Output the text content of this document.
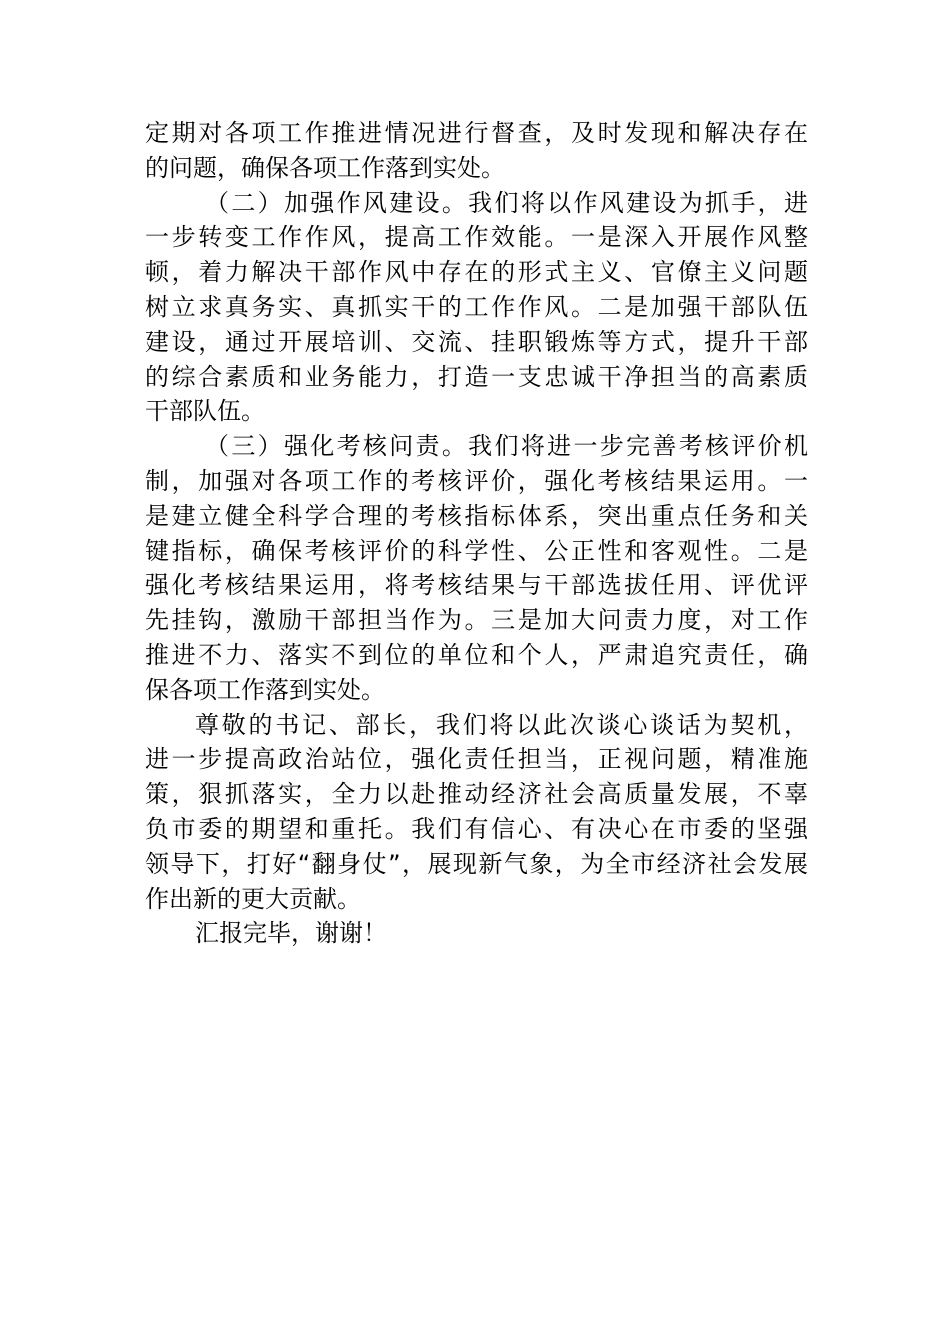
定期对各项工作推进情况进行督查，及时发现和解决存在
的问题，确保各项工作落到实处。
（二）加强作风建设。我们将以作风建设为抓手，进
一步转变工作作风，提高工作效能。一是深入开展作风整
顿，着力解决干部作风中存在的形式主义、官僚主义问题
树立求真务实、真抓实干的工作作风。二是加强干部队伍
建设，通过开展培训、交流、挂职锻炼等方式，提升干部
的综合素质和业务能力，打造一支忠诚干净担当的高素质
干部队伍。
（三）强化考核问责。我们将进一步完善考核评价机
制，加强对各项工作的考核评价，强化考核结果运用。一
是建立健全科学合理的考核指标体系，突出重点任务和关
键指标，确保考核评价的科学性、公正性和客观性。二是
强化考核结果运用，将考核结果与干部选拔任用、评优评
先挂钩，激励干部担当作为。三是加大问责力度，对工作
推进不力、落实不到位的单位和个人，严肃追究责任，确
保各项工作落到实处。
尊敬的书记、部长，我们将以此次谈心谈话为契机，
进一步提高政治站位，强化责任担当，正视问题，精准施
策，狠抓落实，全力以赴推动经济社会高质量发展，不辜
负市委的期望和重托。我们有信心、有决心在市委的坚强
领导下，打好“翻身仗”，展现新气象，为全市经济社会发展
作出新的更大贡献。
汇报完毕，谢谢！
